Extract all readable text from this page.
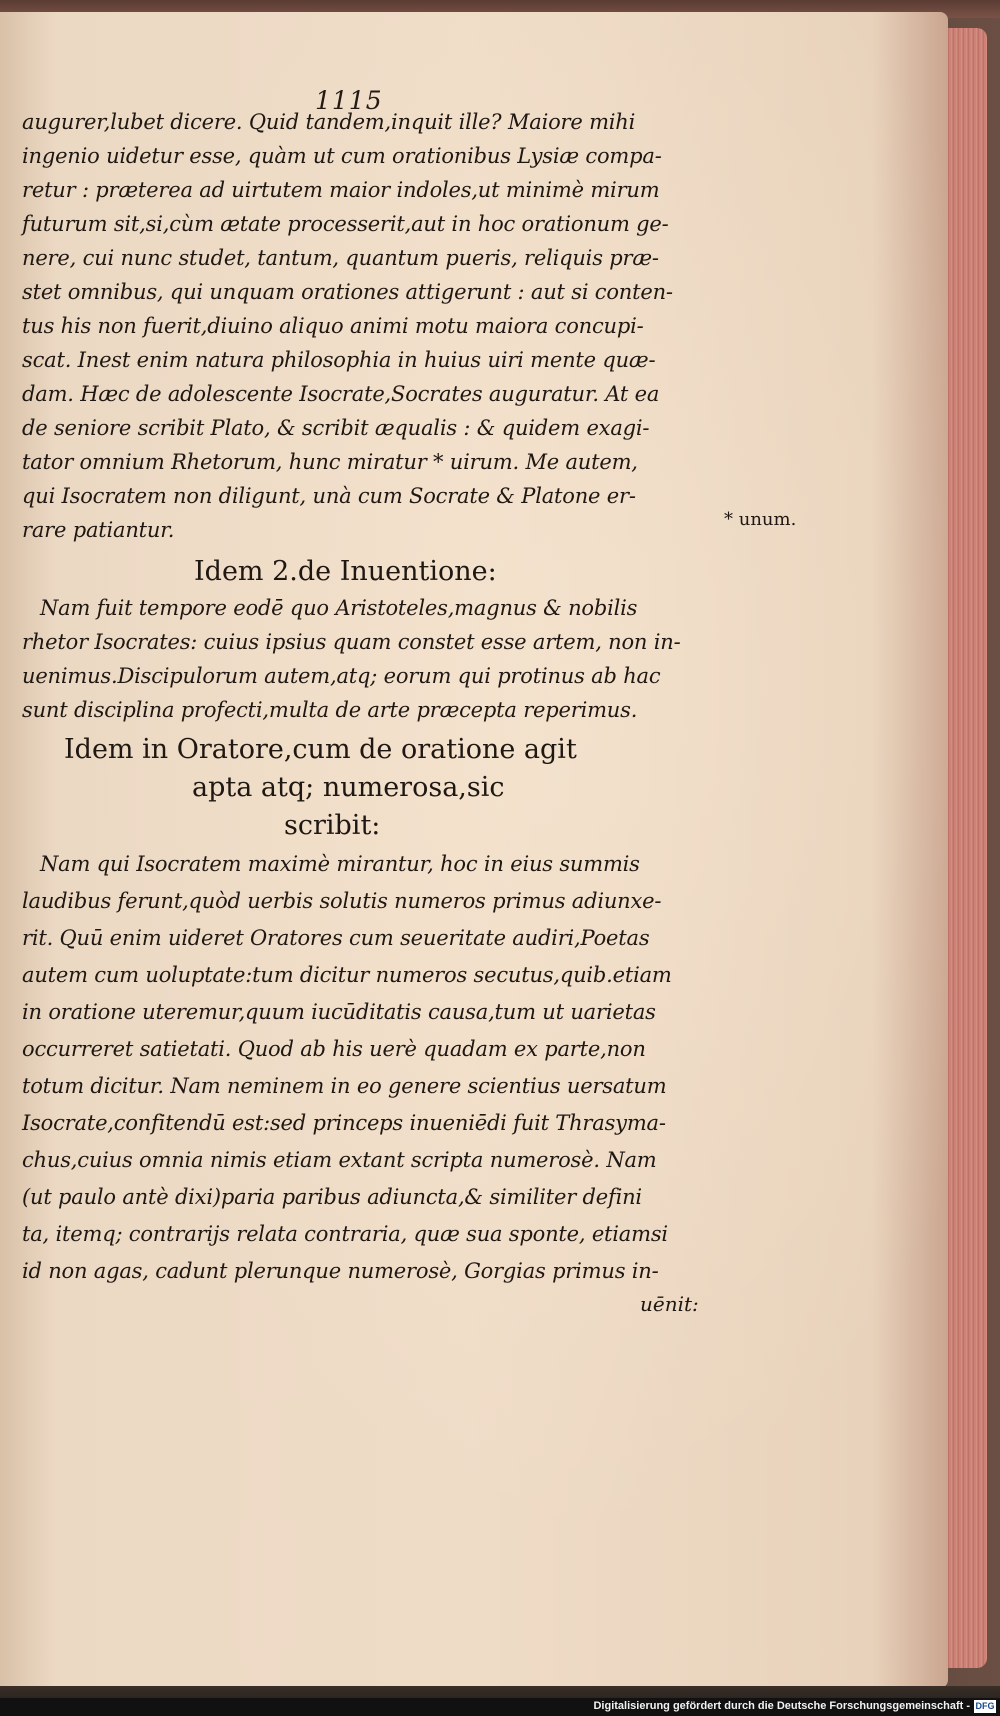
1115
augurer,lubet dicere. Quid tandem,inquit ille? Maiore mihi
ingenio uidetur esse, quàm ut cum orationibus Lysiæ compa-
retur : præterea ad uirtutem maior indoles,ut minimè mirum
futurum sit,si,cùm ætate processerit,aut in hoc orationum ge-
nere, cui nunc studet, tantum, quantum pueris, reliquis præ-
stet omnibus, qui unquam orationes attigerunt : aut si conten-
tus his non fuerit,diuino aliquo animi motu maiora concupi-
scat. Inest enim natura philosophia in huius uiri mente quæ-
dam. Hæc de adolescente Isocrate,Socrates auguratur. At ea
de seniore scribit Plato, & scribit æqualis : & quidem exagi-
tator omnium Rhetorum, hunc miratur * uirum. Me autem,
qui Isocratem non diligunt, unà cum Socrate & Platone er-
rare patiantur.
Idem 2.de Inuentione:
Nam fuit tempore eodē quo Aristoteles,magnus & nobilis
rhetor Isocrates: cuius ipsius quam constet esse artem, non in-
uenimus.Discipulorum autem,atq; eorum qui protinus ab hac
sunt disciplina profecti,multa de arte præcepta reperimus.
Idem in Oratore,cum de oratione agit
apta atq; numerosa,sic
scribit:
Nam qui Isocratem maximè mirantur, hoc in eius summis
laudibus ferunt,quòd uerbis solutis numeros primus adiunxe-
rit. Quū enim uideret Oratores cum seueritate audiri,Poetas
autem cum uoluptate:tum dicitur numeros secutus,quib.etiam
in oratione uteremur,quum iucūditatis causa,tum ut uarietas
occurreret satietati. Quod ab his uerè quadam ex parte,non
totum dicitur. Nam neminem in eo genere scientius uersatum
Isocrate,confitendū est:sed princeps inueniēdi fuit Thrasyma-
chus,cuius omnia nimis etiam extant scripta numerosè. Nam
(ut paulo antè dixi)paria paribus adiuncta,& similiter defini
ta, itemq; contrarijs relata contraria, quæ sua sponte, etiamsi
id non agas, cadunt plerunque numerosè, Gorgias primus in-
* unum.
uēnit:
Digitalisierung gefördert durch die Deutsche Forschungsgemeinschaft - DFG
